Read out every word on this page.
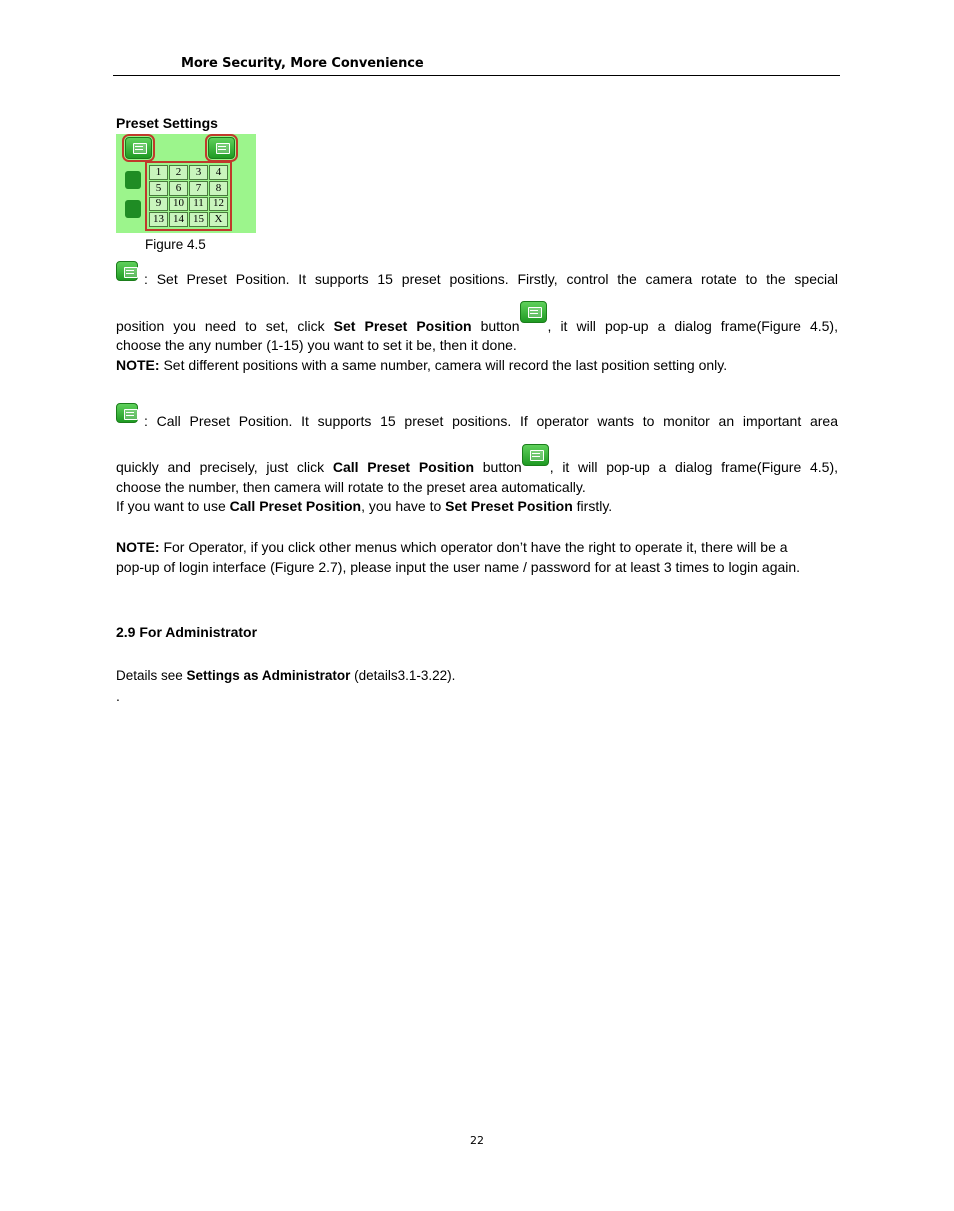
More Security, More Convenience
Preset Settings
1	2	3	4
5	6	7	8
9	10 11 12
13 14 15 X
Figure 4.5
: Set Preset Position. It supports 15 preset positions. Firstly, control the camera rotate to the special
position you need to set, click Set Preset Position button , it will pop-up a dialog frame(Figure 4.5),
choose the any number (1-15) you want to set it be, then it done.
NOTE: Set different positions with a same number, camera will record the last position setting only.
: Call Preset Position. It supports 15 preset positions. If operator wants to monitor an important area
quickly and precisely, just click Call Preset Position button , it will pop-up a dialog frame(Figure 4.5),
choose the number, then camera will rotate to the preset area automatically.
If you want to use Call Preset Position, you have to Set Preset Position firstly.
NOTE: For Operator, if you click other menus which operator don’t have the right to operate it, there will be a
pop-up of login interface (Figure 2.7), please input the user name / password for at least 3 times to login again.
2.9 For Administrator
Details see Settings as Administrator (details3.1-3.22).
.
22
